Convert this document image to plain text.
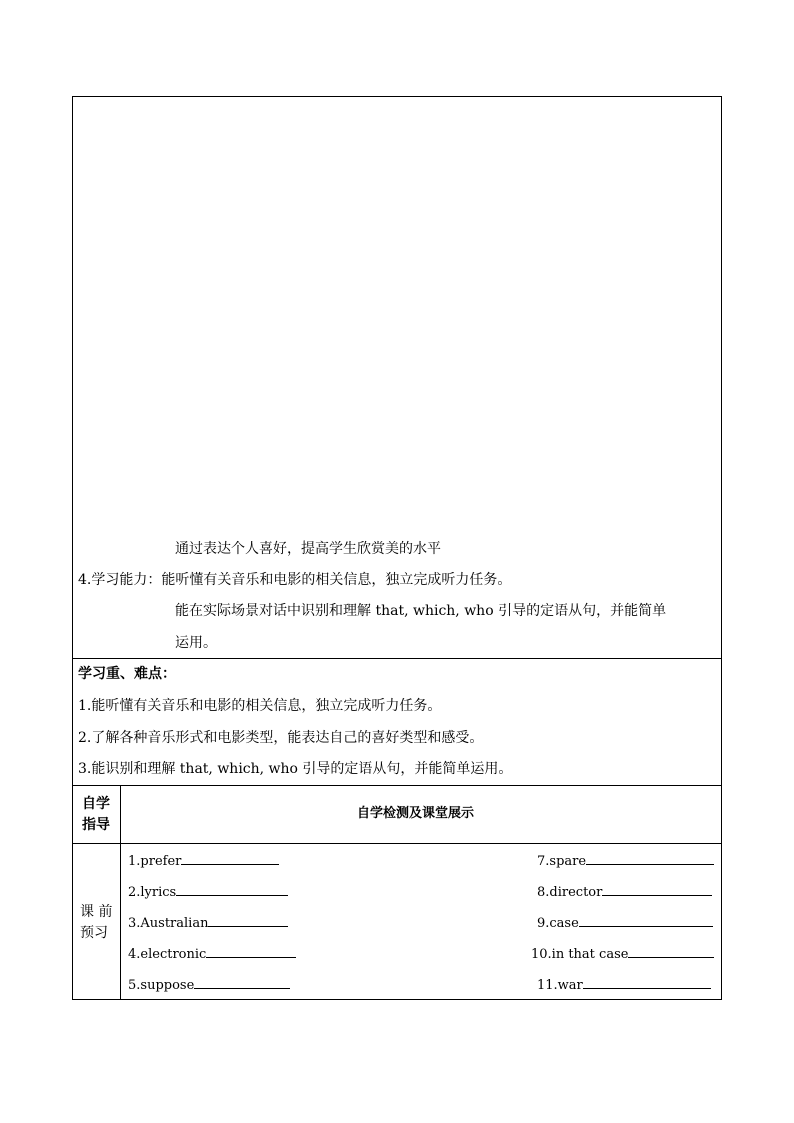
通过表达个人喜好，提高学生欣赏美的水平
4.学习能力：能听懂有关音乐和电影的相关信息，独立完成听力任务。
能在实际场景对话中识别和理解 that, which, who 引导的定语从句，并能简单
运用。
学习重、难点：
1.能听懂有关音乐和电影的相关信息，独立完成听力任务。
2.了解各种音乐形式和电影类型，能表达自己的喜好类型和感受。
3.能识别和理解 that, which, who 引导的定语从句，并能简单运用。
自学
指导
自学检测及课堂展示
课 前
预习
1.prefer
2.lyrics
3.Australian
4.electronic
5.suppose
7.spare
8.director
9.case
10.in that case
11.war
